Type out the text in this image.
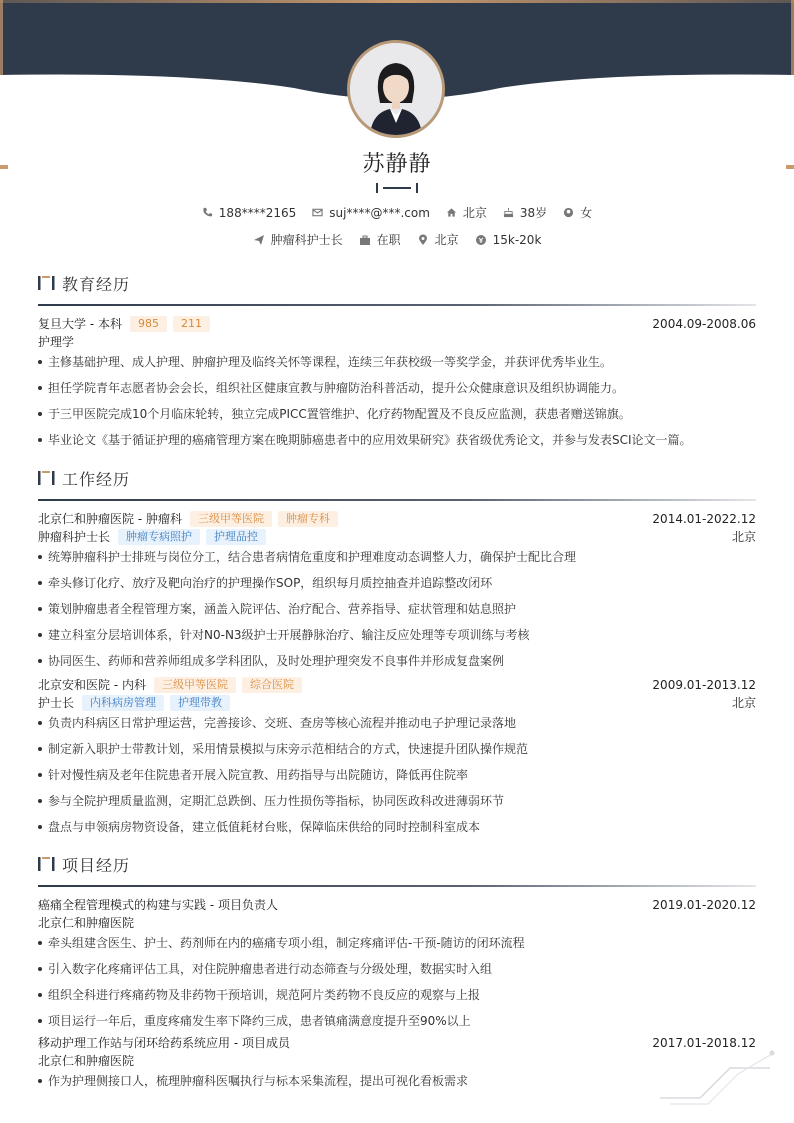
苏静静
188****2165	suj****@***.com	北京	38岁	女
肿瘤科护士长	在职	北京	15k-20k
教育经历
复旦大学 - 本科	985	211	2004.09-2008.06
护理学
主修基础护理、成人护理、肿瘤护理及临终关怀等课程，连续三年获校级一等奖学金，并获评优秀毕业生。
担任学院青年志愿者协会会长，组织社区健康宣教与肿瘤防治科普活动，提升公众健康意识及组织协调能力。
于三甲医院完成10个月临床轮转，独立完成PICC置管维护、化疗药物配置及不良反应监测，获患者赠送锦旗。
毕业论文《基于循证护理的癌痛管理方案在晚期肺癌患者中的应用效果研究》获省级优秀论文，并参与发表SCI论文一篇。
工作经历
北京仁和肿瘤医院 - 肿瘤科	三级甲等医院	肿瘤专科	2014.01-2022.12
肿瘤科护士长	肿瘤专病照护	护理品控	北京
统筹肿瘤科护士排班与岗位分工，结合患者病情危重度和护理难度动态调整人力，确保护士配比合理
牵头修订化疗、放疗及靶向治疗的护理操作SOP，组织每月质控抽查并追踪整改闭环
策划肿瘤患者全程管理方案，涵盖入院评估、治疗配合、营养指导、症状管理和姑息照护
建立科室分层培训体系，针对N0-N3级护士开展静脉治疗、输注反应处理等专项训练与考核
协同医生、药师和营养师组成多学科团队，及时处理护理突发不良事件并形成复盘案例
北京安和医院 - 内科	三级甲等医院	综合医院	2009.01-2013.12
护士长	内科病房管理	护理带教	北京
负责内科病区日常护理运营，完善接诊、交班、查房等核心流程并推动电子护理记录落地
制定新入职护士带教计划，采用情景模拟与床旁示范相结合的方式，快速提升团队操作规范
针对慢性病及老年住院患者开展入院宣教、用药指导与出院随访，降低再住院率
参与全院护理质量监测，定期汇总跌倒、压力性损伤等指标，协同医政科改进薄弱环节
盘点与申领病房物资设备，建立低值耗材台账，保障临床供给的同时控制科室成本
项目经历
癌痛全程管理模式的构建与实践 - 项目负责人	2019.01-2020.12
北京仁和肿瘤医院
牵头组建含医生、护士、药剂师在内的癌痛专项小组，制定疼痛评估-干预-随访的闭环流程
引入数字化疼痛评估工具，对住院肿瘤患者进行动态筛查与分级处理，数据实时入组
组织全科进行疼痛药物及非药物干预培训，规范阿片类药物不良反应的观察与上报
项目运行一年后，重度疼痛发生率下降约三成，患者镇痛满意度提升至90%以上
移动护理工作站与闭环给药系统应用 - 项目成员	2017.01-2018.12
北京仁和肿瘤医院
作为护理侧接口人，梳理肿瘤科医嘱执行与标本采集流程，提出可视化看板需求
